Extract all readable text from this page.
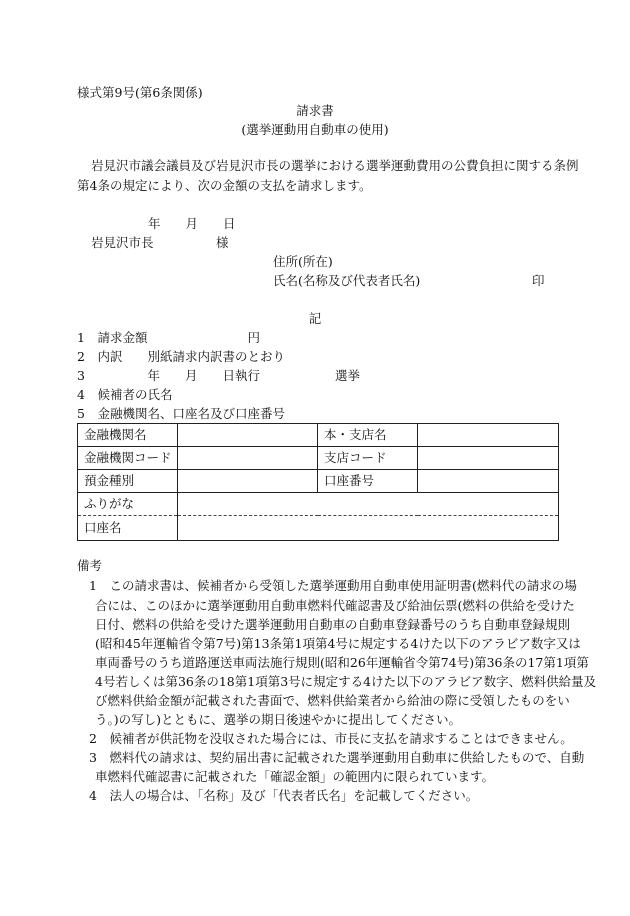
様式第9号(第6条関係)
請求書
(選挙運動用自動車の使用)
岩見沢市議会議員及び岩見沢市長の選挙における選挙運動費用の公費負担に関する条例
第4条の規定により、次の金額の支払を請求します。
年　　月　　日
岩見沢市長　　　　　様
住所(所在)
氏名(名称及び代表者氏名)	印
記
1　請求金額　　　　　　　　円
2　内訳　　別紙請求内訳書のとおり
3　　　　　年　　月　　日執行　　　　　　選挙
4　候補者の氏名
5　金融機関名、口座名及び口座番号
金融機関名		本・支店名	
金融機関コード		支店コード	
預金種別		口座番号	
ふりがな			
口座名			
備考
1　この請求書は、候補者から受領した選挙運動用自動車使用証明書(燃料代の請求の場
合には、このほかに選挙運動用自動車燃料代確認書及び給油伝票(燃料の供給を受けた
日付、燃料の供給を受けた選挙運動用自動車の自動車登録番号のうち自動車登録規則
(昭和45年運輸省令第7号)第13条第1項第4号に規定する4けた以下のアラビア数字又は
車両番号のうち道路運送車両法施行規則(昭和26年運輸省令第74号)第36条の17第1項第
4号若しくは第36条の18第1項第3号に規定する4けた以下のアラビア数字、燃料供給量及
び燃料供給金額が記載された書面で、燃料供給業者から給油の際に受領したものをい
う。)の写し)とともに、選挙の期日後速やかに提出してください。
2　候補者が供託物を没収された場合には、市長に支払を請求することはできません。
3　燃料代の請求は、契約届出書に記載された選挙運動用自動車に供給したもので、自動
車燃料代確認書に記載された「確認金額」の範囲内に限られています。
4　法人の場合は、「名称」及び「代表者氏名」を記載してください。
